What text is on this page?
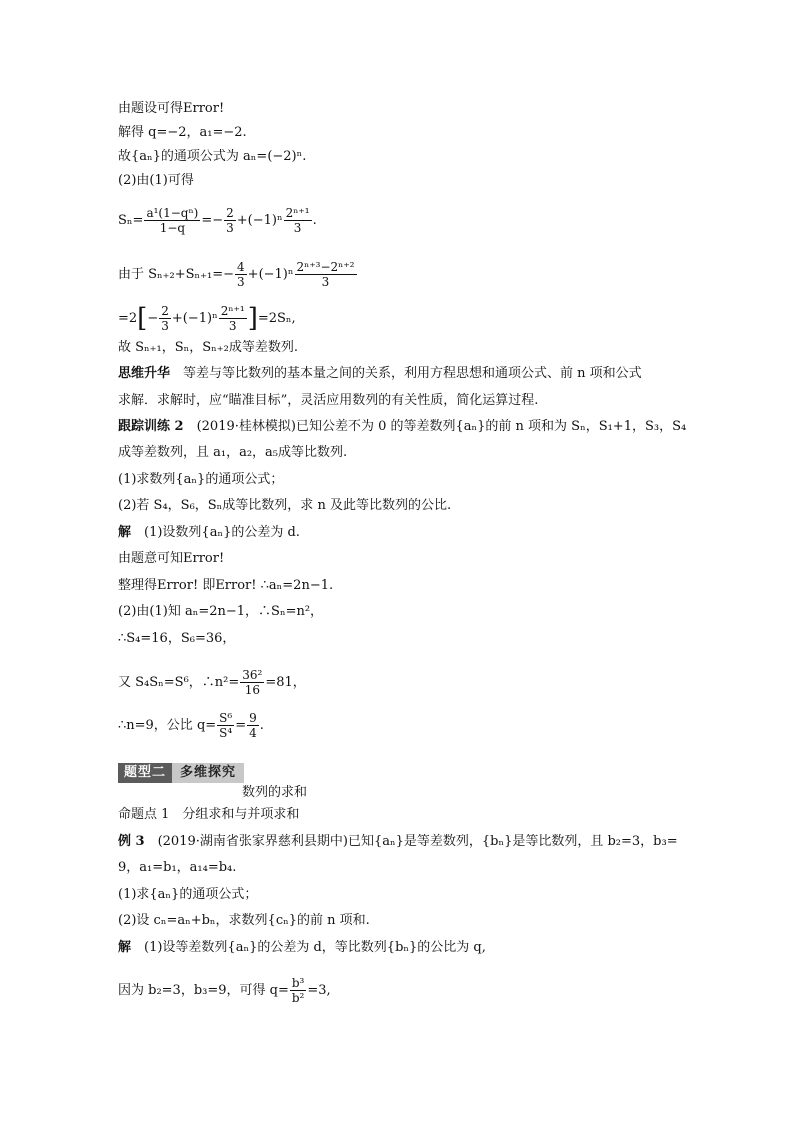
由题设可得Error!
解得 q=−2，a₁=−2.
故{aₙ}的通项公式为 aₙ=(−2)ⁿ.
(2)由(1)可得
$S_n= \frac{\text{a¹(1−qⁿ)}}{1-q} =- \frac{2}{3} +(-1)^n \frac{\text{2ⁿ⁺¹}}{3}$ .
由于 $S_{n+2}+S_{n+1}=- \frac{4}{3} +(-1)^n \frac{\text{2ⁿ⁺³−2ⁿ⁺²}}{3}$
$=2[- \frac{2}{3} +(-1)^n \frac{\text{2ⁿ⁺¹}}{3} ]=2S_n$,
故 Sₙ₊₁，Sₙ，Sₙ₊₂成等差数列.
思维升华　等差与等比数列的基本量之间的关系，利用方程思想和通项公式、前 n 项和公式
求解．求解时，应“瞄准目标”，灵活应用数列的有关性质，简化运算过程.
跟踪训练 2　(2019·桂林模拟)已知公差不为 0 的等差数列{aₙ}的前 n 项和为 Sₙ，S₁+1，S₃，S₄
成等差数列，且 a₁，a₂，a₅成等比数列.
(1)求数列{aₙ}的通项公式；
(2)若 S₄，S₆，Sₙ成等比数列，求 n 及此等比数列的公比.
解　(1)设数列{aₙ}的公差为 d.
由题意可知Error!
整理得Error! 即Error! ∴aₙ=2n−1.
(2)由(1)知 aₙ=2n−1，∴Sₙ=n²，
∴S₄=16，S₆=36，
又 S₄Sₙ=S⁶，∴n²= $\frac{\text{36²}}{16} =81$，
∴n=9，公比 $q= \frac{\text{S⁶}}{\text{S⁴}} = \frac{9}{4}$ .
题型二 多维探究
数列的求和
命题点 1　分组求和与并项求和
例 3　(2019·湖南省张家界慈利县期中)已知{aₙ}是等差数列，{bₙ}是等比数列，且 b₂=3，b₃=
9，a₁=b₁，a₁₄=b₄.
(1)求{aₙ}的通项公式；
(2)设 cₙ=aₙ+bₙ，求数列{cₙ}的前 n 项和.
解　(1)设等差数列{aₙ}的公差为 d，等比数列{bₙ}的公比为 q,
因为 b₂=3，b₃=9，可得 $q= \frac{\text{b³}}{\text{b²}} =3$,
